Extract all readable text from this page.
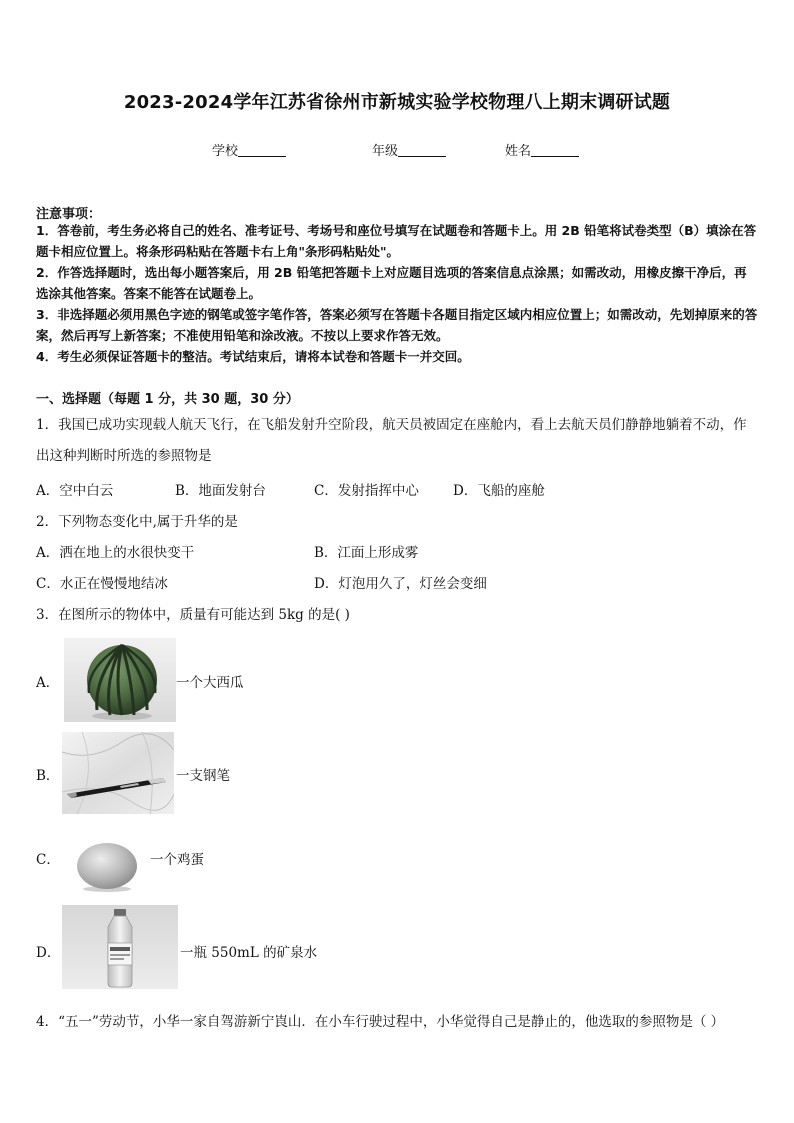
2023-2024学年江苏省徐州市新城实验学校物理八上期末调研试题
学校	年级	姓名
注意事项：
1．答卷前，考生务必将自己的姓名、准考证号、考场号和座位号填写在试题卷和答题卡上。用 2B 铅笔将试卷类型（B）填涂在答题卡相应位置上。将条形码粘贴在答题卡右上角"条形码粘贴处"。
2．作答选择题时，选出每小题答案后，用 2B 铅笔把答题卡上对应题目选项的答案信息点涂黑；如需改动，用橡皮擦干净后，再选涂其他答案。答案不能答在试题卷上。
3．非选择题必须用黑色字迹的钢笔或签字笔作答，答案必须写在答题卡各题目指定区域内相应位置上；如需改动，先划掉原来的答案，然后再写上新答案；不准使用铅笔和涂改液。不按以上要求作答无效。
4．考生必须保证答题卡的整洁。考试结束后，请将本试卷和答题卡一并交回。
一、选择题（每题 1 分，共 30 题，30 分）
1．我国已成功实现载人航天飞行，在飞船发射升空阶段，航天员被固定在座舱内，看上去航天员们静静地躺着不动，作出这种判断时所选的参照物是
A．空中白云	B．地面发射台	C．发射指挥中心	D．飞船的座舱
2．下列物态变化中,属于升华的是
A．洒在地上的水很快变干	B．江面上形成雾
C．水正在慢慢地结冰	D．灯泡用久了，灯丝会变细
3．在图所示的物体中，质量有可能达到 5kg 的是( )
A．	一个大西瓜
B．	一支钢笔
C．	一个鸡蛋
D．	一瓶 550mL 的矿泉水
4．“五一”劳动节，小华一家自驾游新宁崀山．在小车行驶过程中，小华觉得自己是静止的，他选取的参照物是（ ）
